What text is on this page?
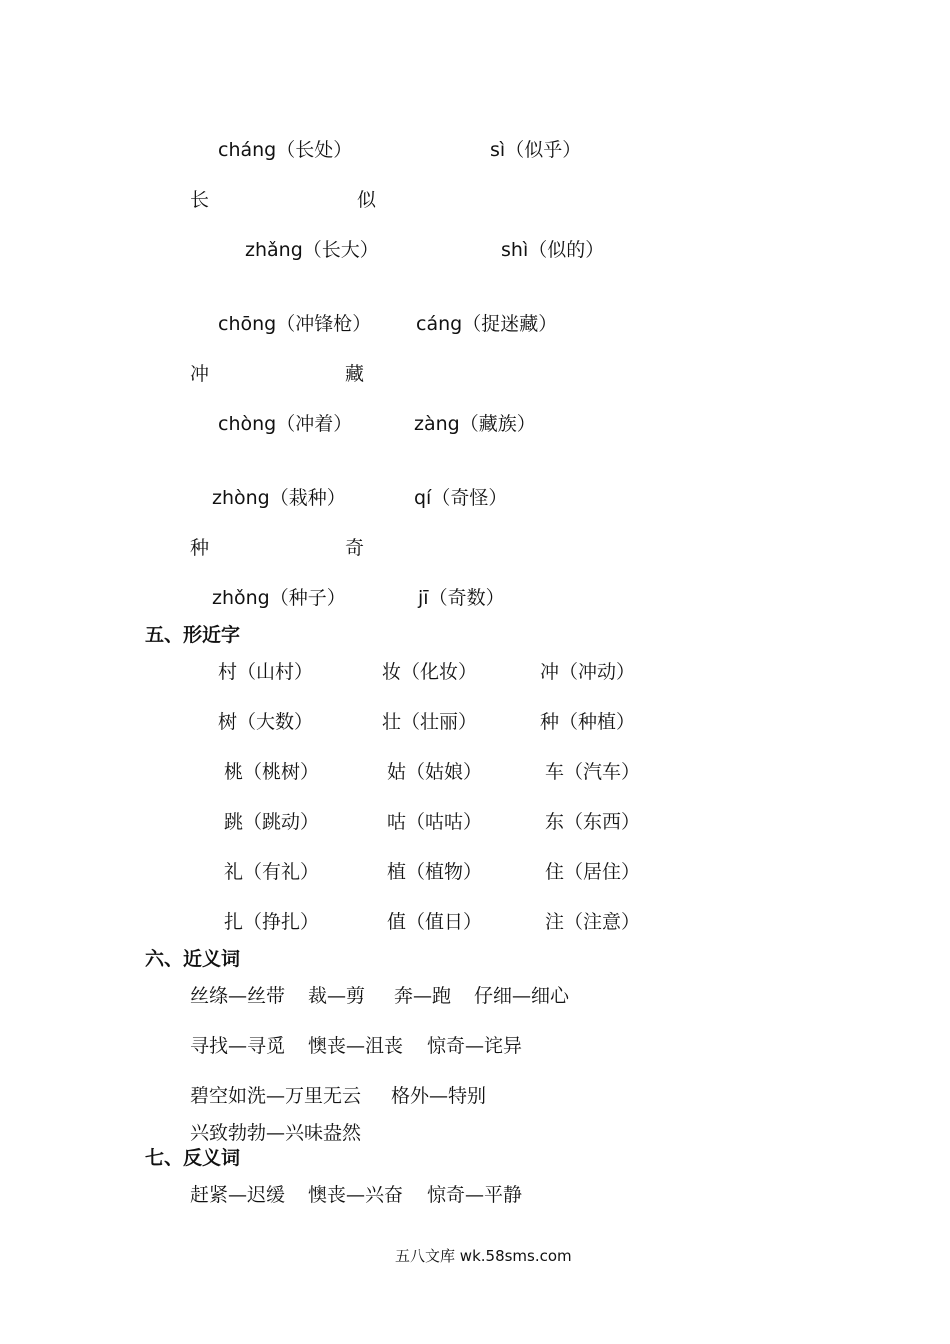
cháng（长处）	sì（似乎）
长	似
zhǎng（长大）	shì（似的）
chōng（冲锋枪） cáng（捉迷藏）
冲	藏
chòng（冲着）	zàng（藏族）
zhòng（栽种）	qí（奇怪）
种	奇
zhǒng（种子）	jī（奇数）
五、形近字
村（山村）	妆（化妆）	冲（冲动）
树（大数）	壮（壮丽）	种（种植）
桃（桃树）	姑（姑娘）	车（汽车）
跳（跳动）	咕（咕咕）	东（东西）
礼（有礼）	植（植物）	住（居住）
扎（挣扎）	值（值日）	注（注意）
六、近义词
丝绦—丝带 裁—剪 奔—跑 仔细—细心
寻找—寻觅 懊丧—沮丧 惊奇—诧异
碧空如洗—万里无云 格外—特别
兴致勃勃—兴味盎然
七、反义词
赶紧—迟缓 懊丧—兴奋 惊奇—平静
五八文库 wk.58sms.com
